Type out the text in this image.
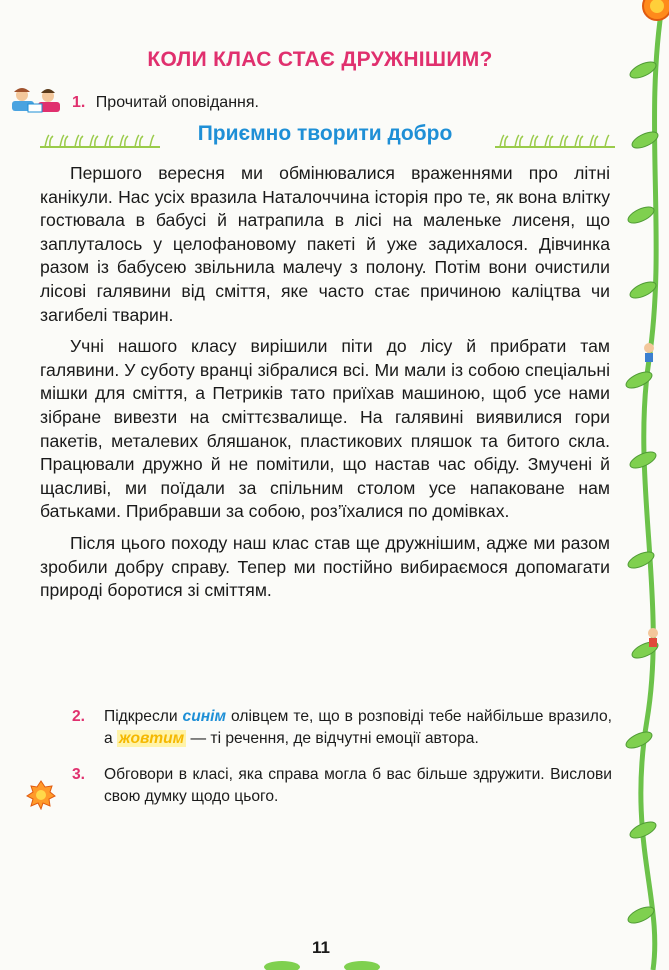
КОЛИ КЛАС СТАЄ ДРУЖНІШИМ?
1. Прочитай оповідання.
Приємно творити добро

Першого вересня ми обмінювалися враженнями про літні канікули. Нас усіх вразила Наталоччина історія про те, як вона влітку гостювала в бабусі й натрапила в лісі на маленьке лисеня, що заплуталось у целофановому пакеті й уже задихалося. Дівчинка разом із бабусею звільнила малечу з полону. Потім вони очистили лісові галявини від сміття, яке часто стає причиною каліцтва чи загибелі тварин.

Учні нашого класу вирішили піти до лісу й прибрати там галявини. У суботу вранці зібралися всі. Ми мали із собою спеціальні мішки для сміття, а Петриків тато приїхав машиною, щоб усе нами зібране вивезти на сміттєзвалище. На галявині виявилися гори пакетів, металевих бляшанок, пластикових пляшок та битого скла. Працювали дружно й не помітили, що настав час обіду. Змучені й щасливі, ми поїдали за спільним столом усе напаковане нам батьками. Прибравши за собою, роз’їхалися по домівках.

Після цього походу наш клас став ще дружнішим, адже ми разом зробили добру справу. Тепер ми постійно вибираємося допомагати природі боротися зі сміттям.

2. Підкресли синім олівцем те, що в розповіді тебе найбільше вразило, а жовтим — ті речення, де відчутні емоції автора.
3. Обговори в класі, яка справа могла б вас більше здружити. Вислови свою думку щодо цього.
11
